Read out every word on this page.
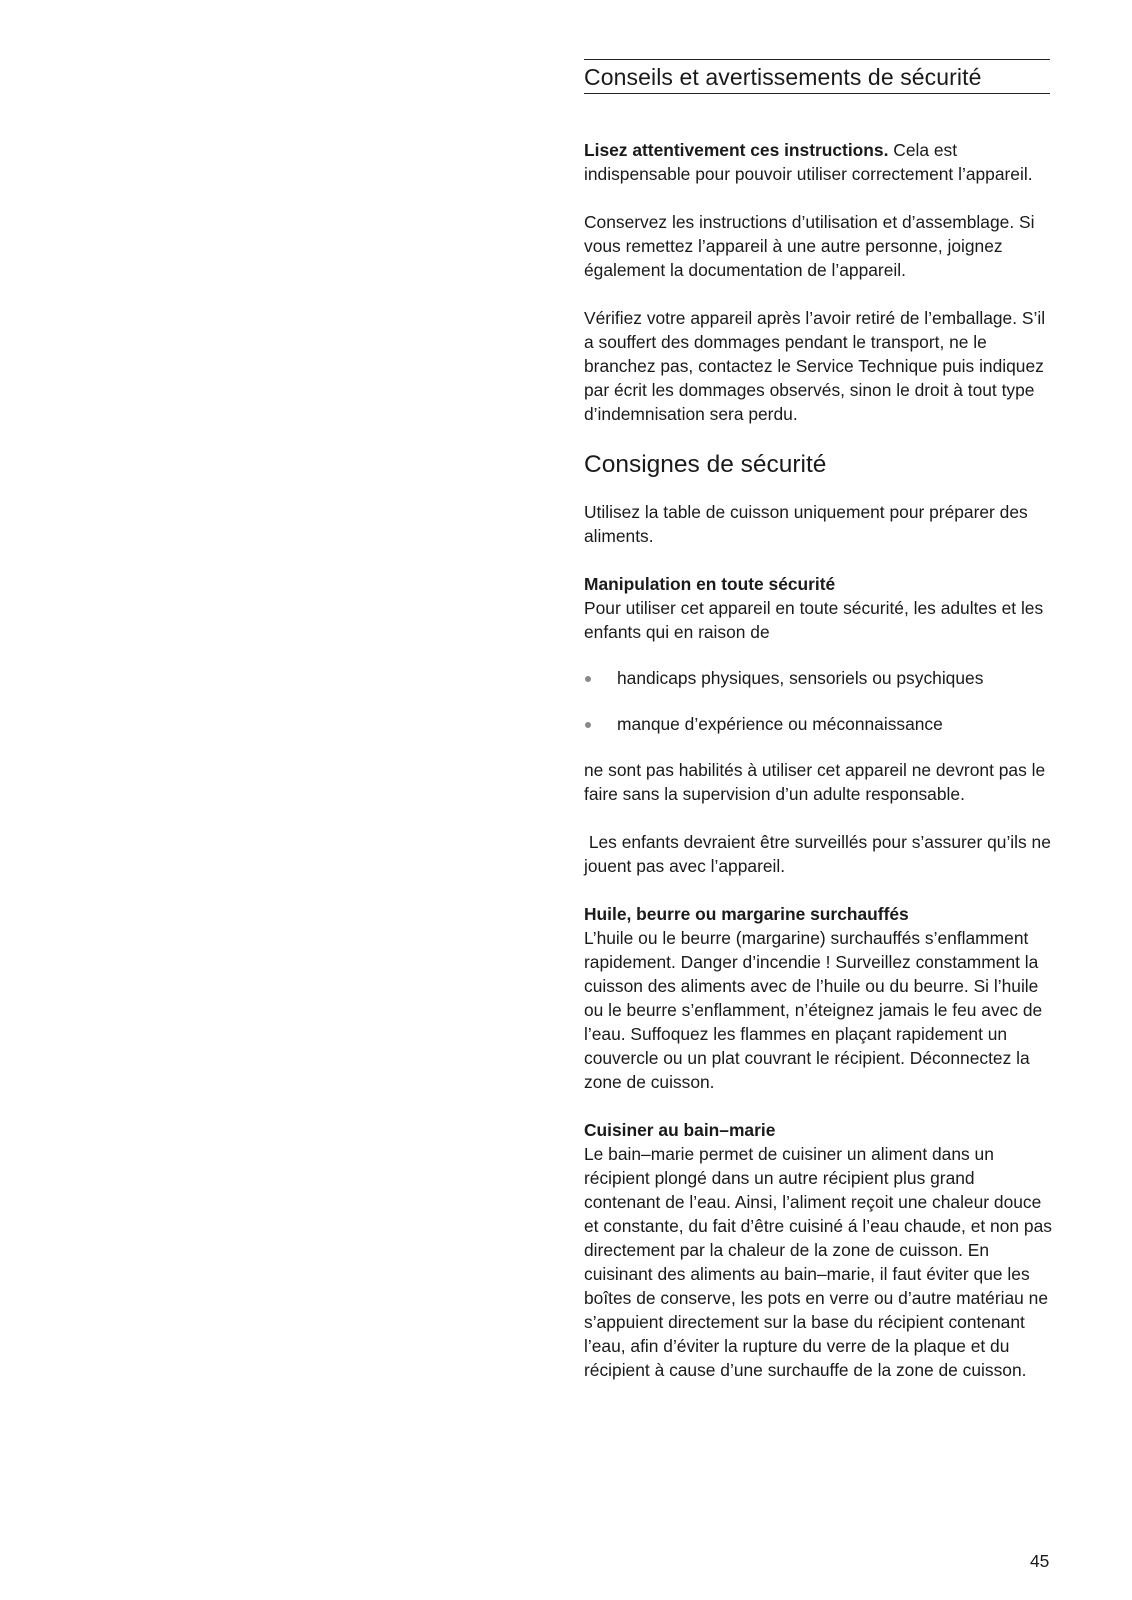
Conseils et avertissements de sécurité

Lisez attentivement ces instructions. Cela est indispensable pour pouvoir utiliser correctement l’appareil.

Conservez les instructions d’utilisation et d’assemblage. Si vous remettez l’appareil à une autre personne, joignez également la documentation de l’appareil.

Vérifiez votre appareil après l’avoir retiré de l’emballage. S’il a souffert des dommages pendant le transport, ne le branchez pas, contactez le Service Technique puis indiquez par écrit les dommages observés, sinon le droit à tout type d’indemnisation sera perdu.

Consignes de sécurité

Utilisez la table de cuisson uniquement pour préparer des aliments.

Manipulation en toute sécurité

Pour utiliser cet appareil en toute sécurité, les adultes et les enfants qui en raison de

handicaps physiques, sensoriels ou psychiques
manque d’expérience ou méconnaissance

ne sont pas habilités à utiliser cet appareil ne devront pas le faire sans la supervision d’un adulte responsable.

Les enfants devraient être surveillés pour s’assurer qu’ils ne jouent pas avec l’appareil.

Huile, beurre ou margarine surchauffés

L’huile ou le beurre (margarine) surchauffés s’enflamment rapidement. Danger d’incendie ! Surveillez constamment la cuisson des aliments avec de l’huile ou du beurre. Si l’huile ou le beurre s’enflamment, n’éteignez jamais le feu avec de l’eau. Suffoquez les flammes en plaçant rapidement un couvercle ou un plat couvrant le récipient. Déconnectez la zone de cuisson.

Cuisiner au bain–marie

Le bain–marie permet de cuisiner un aliment dans un récipient plongé dans un autre récipient plus grand contenant de l’eau. Ainsi, l’aliment reçoit une chaleur douce et constante, du fait d’être cuisiné á l’eau chaude, et non pas directement par la chaleur de la zone de cuisson. En cuisinant des aliments au bain–marie, il faut éviter que les boîtes de conserve, les pots en verre ou d’autre matériau ne s’appuient directement sur la base du récipient contenant l’eau, afin d’éviter la rupture du verre de la plaque et du récipient à cause d’une surchauffe de la zone de cuisson.

45
